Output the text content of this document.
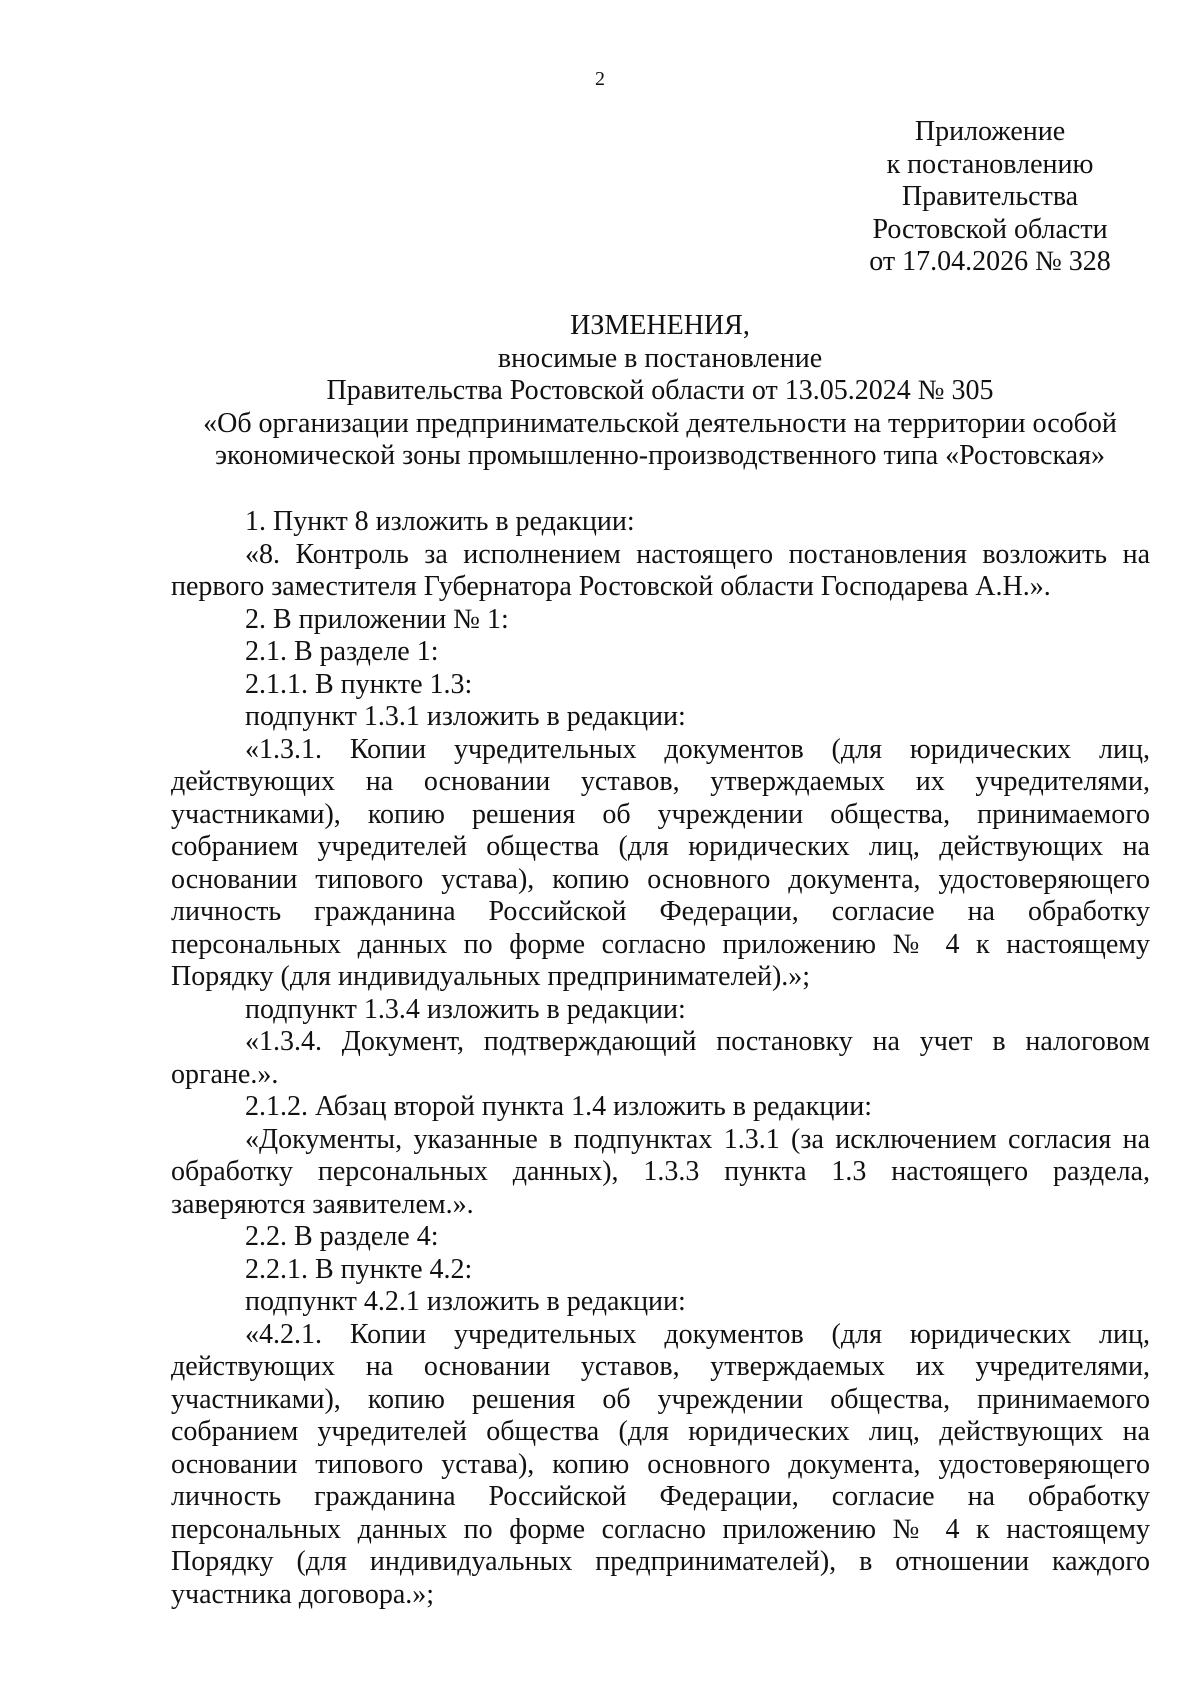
2
Приложение
к постановлению
Правительства
Ростовской области
от 17.04.2026 № 328
ИЗМЕНЕНИЯ,
вносимые в постановление
Правительства Ростовской области от 13.05.2024 № 305
«Об организации предпринимательской деятельности на территории особой
экономической зоны промышленно-производственного типа «Ростовская»

1. Пункт 8 изложить в редакции:

«8. Контроль за исполнением настоящего постановления возложить на первого заместителя Губернатора Ростовской области Господарева А.Н.».

2. В приложении № 1:

2.1. В разделе 1:

2.1.1. В пункте 1.3:

подпункт 1.3.1 изложить в редакции:

«1.3.1. Копии учредительных документов (для юридических лиц, действующих на основании уставов, утверждаемых их учредителями, участниками), копию решения об учреждении общества, принимаемого собранием учредителей общества (для юридических лиц, действующих на основании типового устава), копию основного документа, удостоверяющего личность гражданина Российской Федерации, согласие на обработку персональных данных по форме согласно приложению № 4 к настоящему Порядку (для индивидуальных предпринимателей).»;

подпункт 1.3.4 изложить в редакции:

«1.3.4. Документ, подтверждающий постановку на учет в налоговом органе.».

2.1.2. Абзац второй пункта 1.4 изложить в редакции:

«Документы, указанные в подпунктах 1.3.1 (за исключением согласия на обработку персональных данных), 1.3.3 пункта 1.3 настоящего раздела, заверяются заявителем.».

2.2. В разделе 4:

2.2.1. В пункте 4.2:

подпункт 4.2.1 изложить в редакции:

«4.2.1. Копии учредительных документов (для юридических лиц, действующих на основании уставов, утверждаемых их учредителями, участниками), копию решения об учреждении общества, принимаемого собранием учредителей общества (для юридических лиц, действующих на основании типового устава), копию основного документа, удостоверяющего личность гражданина Российской Федерации, согласие на обработку персональных данных по форме согласно приложению № 4 к настоящему Порядку (для индивидуальных предпринимателей), в отношении каждого участника договора.»;
